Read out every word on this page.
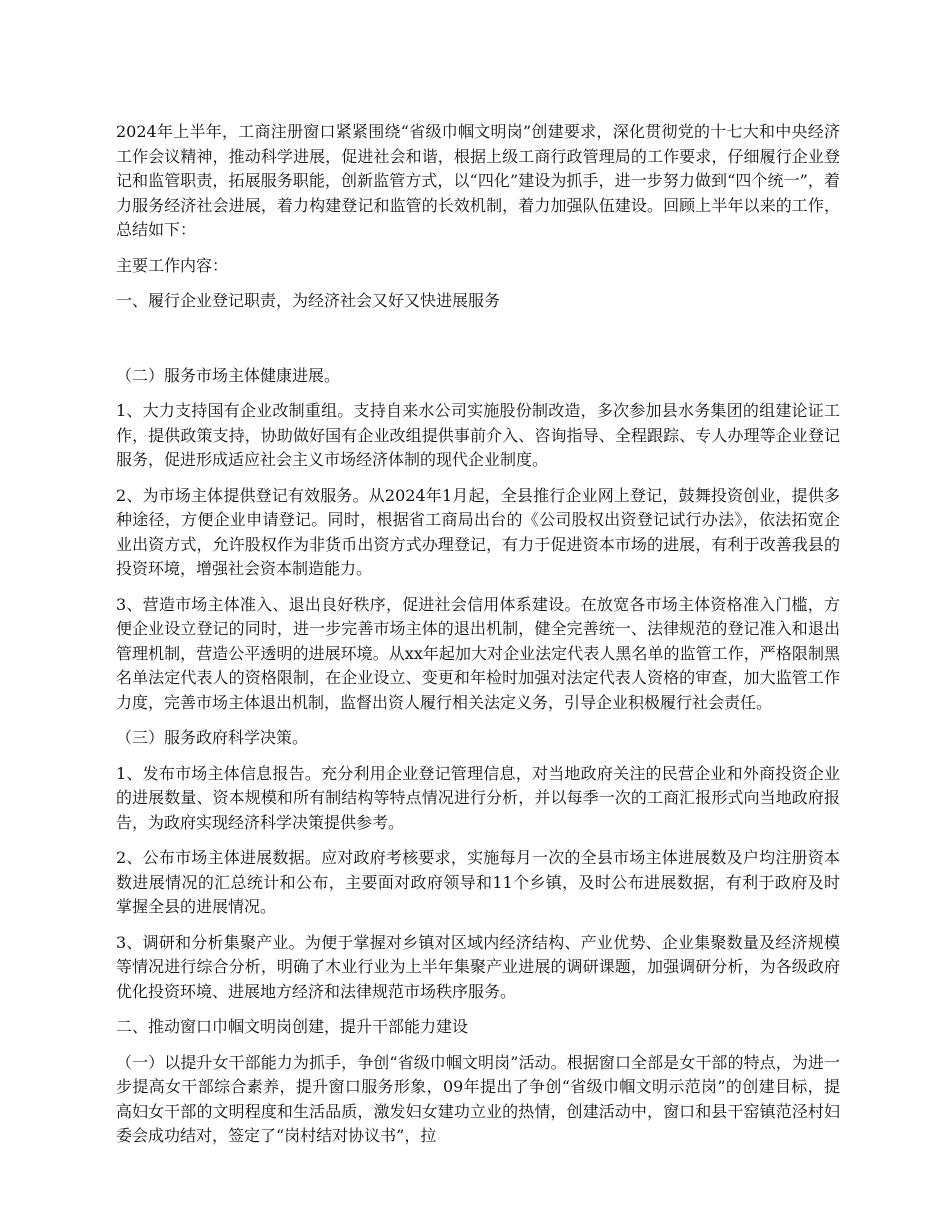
2024年上半年，工商注册窗口紧紧围绕“省级巾帼文明岗”创建要求，深化贯彻党的十七大和中央经济工作会议精神，推动科学进展，促进社会和谐，根据上级工商行政管理局的工作要求，仔细履行企业登记和监管职责，拓展服务职能，创新监管方式，以“四化”建设为抓手，进一步努力做到“四个统一”，着力服务经济社会进展，着力构建登记和监管的长效机制，着力加强队伍建设。回顾上半年以来的工作，总结如下：

主要工作内容：

一、履行企业登记职责，为经济社会又好又快进展服务

（二）服务市场主体健康进展。

1、大力支持国有企业改制重组。支持自来水公司实施股份制改造，多次参加县水务集团的组建论证工作，提供政策支持，协助做好国有企业改组提供事前介入、咨询指导、全程跟踪、专人办理等企业登记服务，促进形成适应社会主义市场经济体制的现代企业制度。

2、为市场主体提供登记有效服务。从2024年1月起，全县推行企业网上登记，鼓舞投资创业，提供多种途径，方便企业申请登记。同时，根据省工商局出台的《公司股权出资登记试行办法》，依法拓宽企业出资方式，允许股权作为非货币出资方式办理登记，有力于促进资本市场的进展，有利于改善我县的投资环境，增强社会资本制造能力。

3、营造市场主体准入、退出良好秩序，促进社会信用体系建设。在放宽各市场主体资格准入门槛，方便企业设立登记的同时，进一步完善市场主体的退出机制，健全完善统一、法律规范的登记准入和退出管理机制，营造公平透明的进展环境。从xx年起加大对企业法定代表人黑名单的监管工作，严格限制黑名单法定代表人的资格限制，在企业设立、变更和年检时加强对法定代表人资格的审查，加大监管工作力度，完善市场主体退出机制，监督出资人履行相关法定义务，引导企业积极履行社会责任。

（三）服务政府科学决策。

1、发布市场主体信息报告。充分利用企业登记管理信息，对当地政府关注的民营企业和外商投资企业的进展数量、资本规模和所有制结构等特点情况进行分析，并以每季一次的工商汇报形式向当地政府报告，为政府实现经济科学决策提供参考。

2、公布市场主体进展数据。应对政府考核要求，实施每月一次的全县市场主体进展数及户均注册资本数进展情况的汇总统计和公布，主要面对政府领导和11个乡镇，及时公布进展数据，有利于政府及时掌握全县的进展情况。

3、调研和分析集聚产业。为便于掌握对乡镇对区域内经济结构、产业优势、企业集聚数量及经济规模等情况进行综合分析，明确了木业行业为上半年集聚产业进展的调研课题，加强调研分析，为各级政府优化投资环境、进展地方经济和法律规范市场秩序服务。

二、推动窗口巾帼文明岗创建，提升干部能力建设

（一）以提升女干部能力为抓手，争创“省级巾帼文明岗”活动。根据窗口全部是女干部的特点，为进一步提高女干部综合素养，提升窗口服务形象，09年提出了争创“省级巾帼文明示范岗”的创建目标，提高妇女干部的文明程度和生活品质，激发妇女建功立业的热情，创建活动中，窗口和县干窑镇范泾村妇委会成功结对，签定了“岗村结对协议书”，拉
